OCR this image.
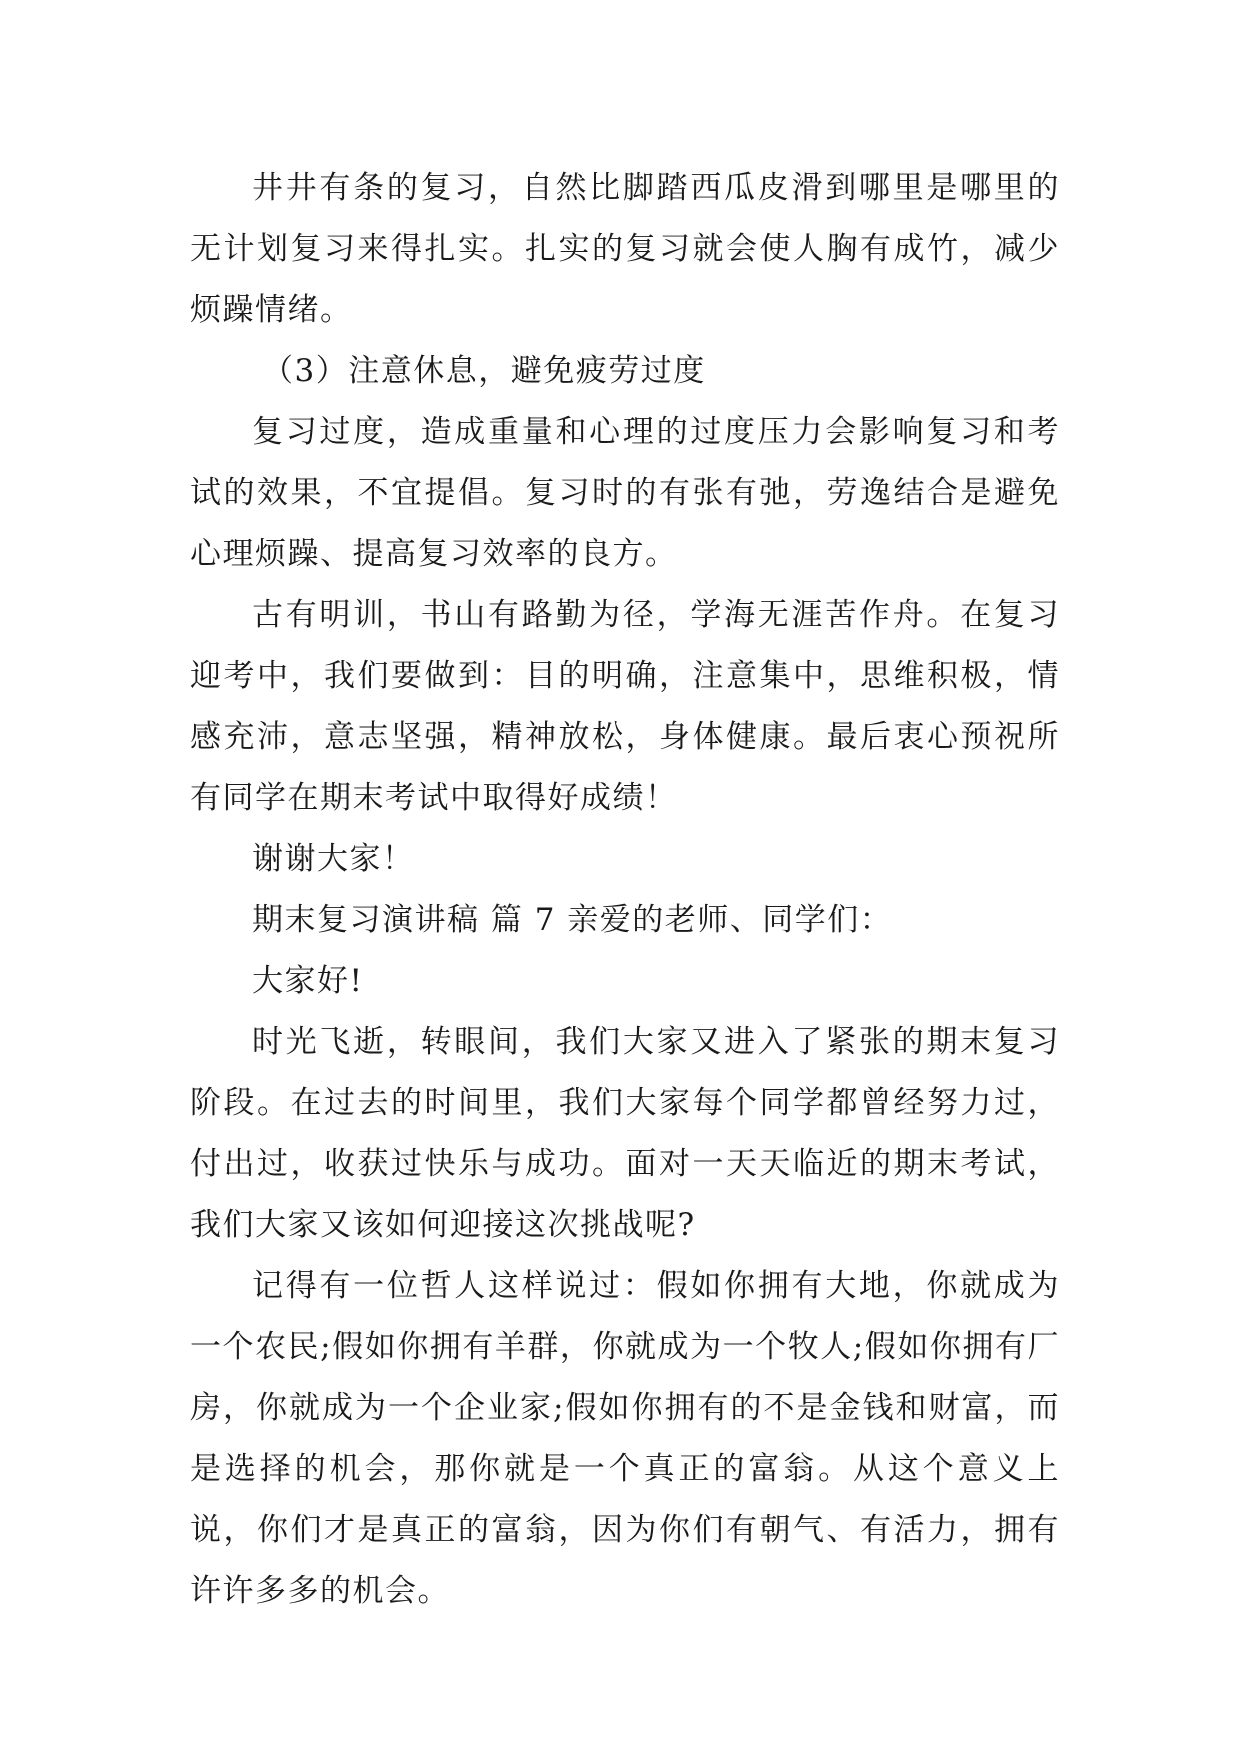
井井有条的复习，自然比脚踏西瓜皮滑到哪里是哪里的无计划复习来得扎实。扎实的复习就会使人胸有成竹，减少烦躁情绪。

（3）注意休息，避免疲劳过度

复习过度，造成重量和心理的过度压力会影响复习和考试的效果，不宜提倡。复习时的有张有弛，劳逸结合是避免心理烦躁、提高复习效率的良方。

古有明训，书山有路勤为径，学海无涯苦作舟。在复习迎考中，我们要做到：目的明确，注意集中，思维积极，情感充沛，意志坚强，精神放松，身体健康。最后衷心预祝所有同学在期末考试中取得好成绩！

谢谢大家！

期末复习演讲稿 篇 7 亲爱的老师、同学们：

大家好!

时光飞逝，转眼间，我们大家又进入了紧张的期末复习阶段。在过去的时间里，我们大家每个同学都曾经努力过，付出过，收获过快乐与成功。面对一天天临近的期末考试，我们大家又该如何迎接这次挑战呢?

记得有一位哲人这样说过：假如你拥有大地，你就成为一个农民;假如你拥有羊群，你就成为一个牧人;假如你拥有厂房，你就成为一个企业家;假如你拥有的不是金钱和财富，而是选择的机会，那你就是一个真正的富翁。从这个意义上说，你们才是真正的富翁，因为你们有朝气、有活力，拥有许许多多的机会。
